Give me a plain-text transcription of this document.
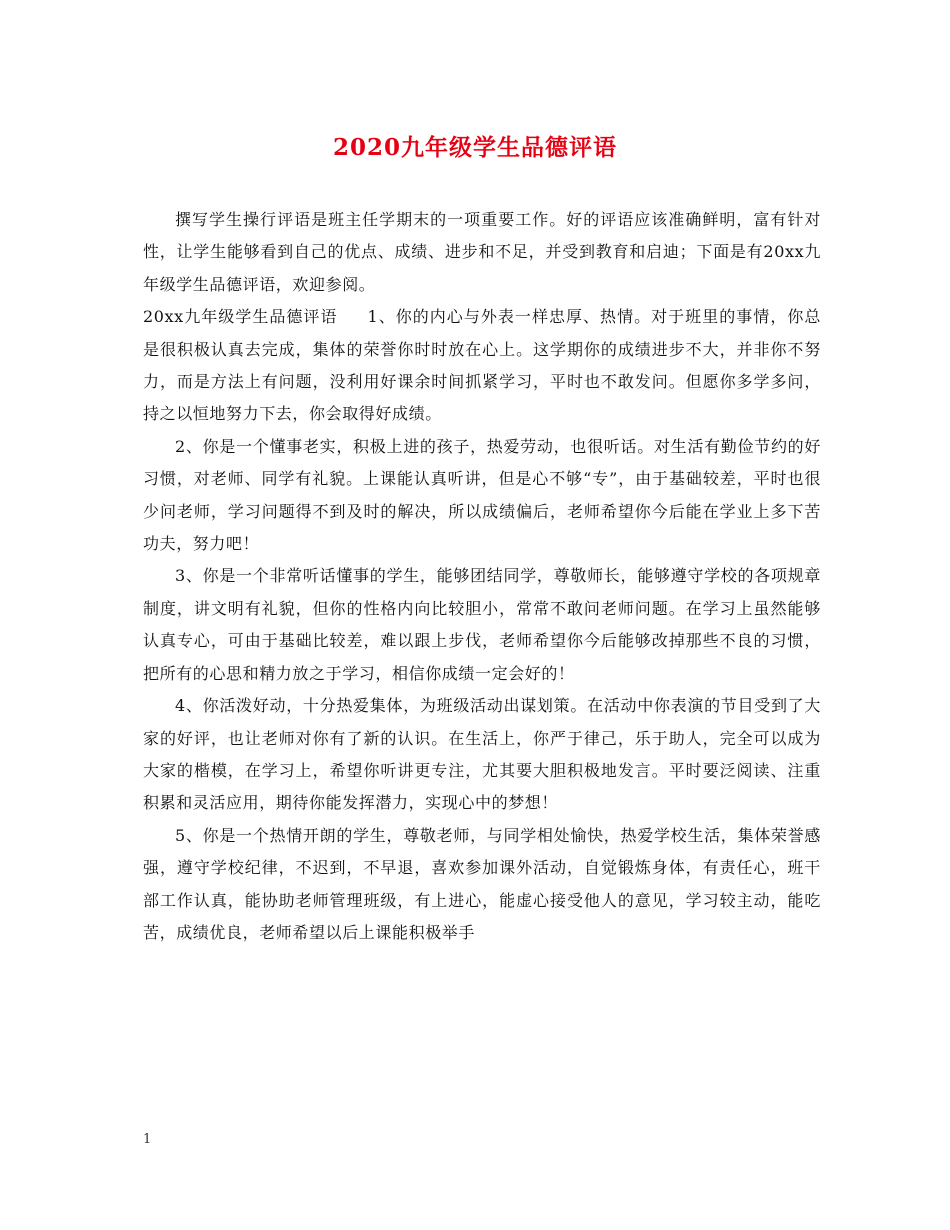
2020九年级学生品德评语

撰写学生操行评语是班主任学期末的一项重要工作。好的评语应该准确鲜明，富有针对性，让学生能够看到自己的优点、成绩、进步和不足，并受到教育和启迪；下面是有20xx九年级学生品德评语，欢迎参阅。

20xx九年级学生品德评语 1、你的内心与外表一样忠厚、热情。对于班里的事情，你总是很积极认真去完成，集体的荣誉你时时放在心上。这学期你的成绩进步不大，并非你不努力，而是方法上有问题，没利用好课余时间抓紧学习，平时也不敢发问。但愿你多学多问，持之以恒地努力下去，你会取得好成绩。

2、你是一个懂事老实，积极上进的孩子，热爱劳动，也很听话。对生活有勤俭节约的好习惯，对老师、同学有礼貌。上课能认真听讲，但是心不够“专”，由于基础较差，平时也很少问老师，学习问题得不到及时的解决，所以成绩偏后，老师希望你今后能在学业上多下苦功夫，努力吧！

3、你是一个非常听话懂事的学生，能够团结同学，尊敬师长，能够遵守学校的各项规章制度，讲文明有礼貌，但你的性格内向比较胆小，常常不敢问老师问题。在学习上虽然能够认真专心，可由于基础比较差，难以跟上步伐，老师希望你今后能够改掉那些不良的习惯，把所有的心思和精力放之于学习，相信你成绩一定会好的！

4、你活泼好动，十分热爱集体，为班级活动出谋划策。在活动中你表演的节目受到了大家的好评，也让老师对你有了新的认识。在生活上，你严于律己，乐于助人，完全可以成为大家的楷模，在学习上，希望你听讲更专注，尤其要大胆积极地发言。平时要泛阅读、注重积累和灵活应用，期待你能发挥潜力，实现心中的梦想！

5、你是一个热情开朗的学生，尊敬老师，与同学相处愉快，热爱学校生活，集体荣誉感强，遵守学校纪律，不迟到，不早退，喜欢参加课外活动，自觉锻炼身体，有责任心，班干部工作认真，能协助老师管理班级，有上进心，能虚心接受他人的意见，学习较主动，能吃苦，成绩优良，老师希望以后上课能积极举手

1
